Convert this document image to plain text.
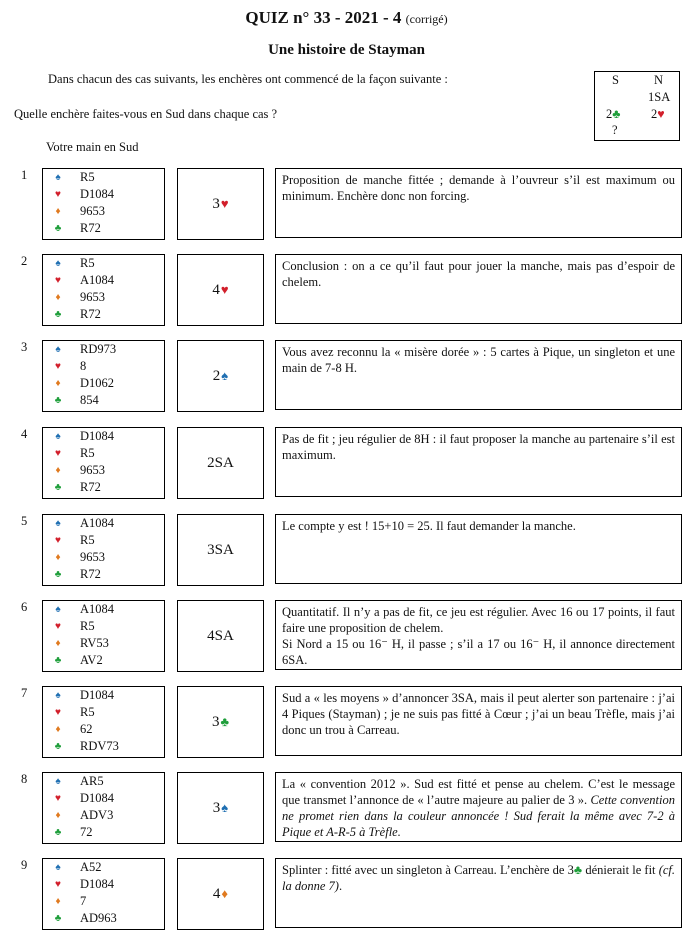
QUIZ n° 33 - 2021 - 4 (corrigé)
Une histoire de Stayman
Dans chacun des cas suivants, les enchères ont commencé de la façon suivante :
Quelle enchère faites-vous en Sud dans chaque cas ?
S	N
1SA
2♣ 2♥
?
Votre main en Sud
1	♠ R5
♥ D1084
♦ 9653
♣ R72
3 ♥
Proposition de manche fittée ; demande à l’ouvreur s’il est maximum ou minimum. Enchère donc non forcing.
2	♠ R5
♥ A1084
♦ 9653
♣ R72
4 ♥
Conclusion : on a ce qu’il faut pour jouer la manche, mais pas d’espoir de chelem.
3	♠ RD973
♥ 8
♦ D1062
♣ 854
2 ♠
Vous avez reconnu la « misère dorée » : 5 cartes à Pique, un singleton et une main de 7-8 H.
4	♠ D1084
♥ R5
♦ 9653
♣ R72
2SA
Pas de fit ; jeu régulier de 8H : il faut proposer la manche au partenaire s’il est maximum.
5	♠ A1084
♥ R5
♦ 9653
♣ R72
3SA
Le compte y est ! 15+10 = 25. Il faut demander la manche.
6	♠ A1084
♥ R5
♦ RV53
♣ AV2
4SA

Quantitatif. Il n’y a pas de fit, ce jeu est régulier. Avec 16 ou 17 points, il faut faire une proposition de chelem.

Si Nord a 15 ou 16⁻ H, il passe ; s’il a 17 ou 16⁻ H, il annonce directement 6SA.

7	♠ D1084
♥ R5
♦ 62
♣ RDV73
3 ♣
Sud a « les moyens » d’annoncer 3SA, mais il peut alerter son partenaire : j’ai 4 Piques (Stayman) ; je ne suis pas fitté à Cœur ; j’ai un beau Trèfle, mais j’ai donc un trou à Carreau.
8	♠ AR5
♥ D1084
♦ ADV3
♣ 72
3 ♠
La « convention 2012 ». Sud est fitté et pense au chelem. C’est le message que transmet l’annonce de « l’autre majeure au palier de 3 ». Cette convention ne promet rien dans la couleur annoncée ! Sud ferait la même avec 7-2 à Pique et A-R-5 à Trèfle.
9	♠ A52
♥ D1084
♦ 7
♣ AD963
4 ♦
Splinter : fitté avec un singleton à Carreau. L’enchère de 3♣ dénierait le fit (cf. la donne 7).
